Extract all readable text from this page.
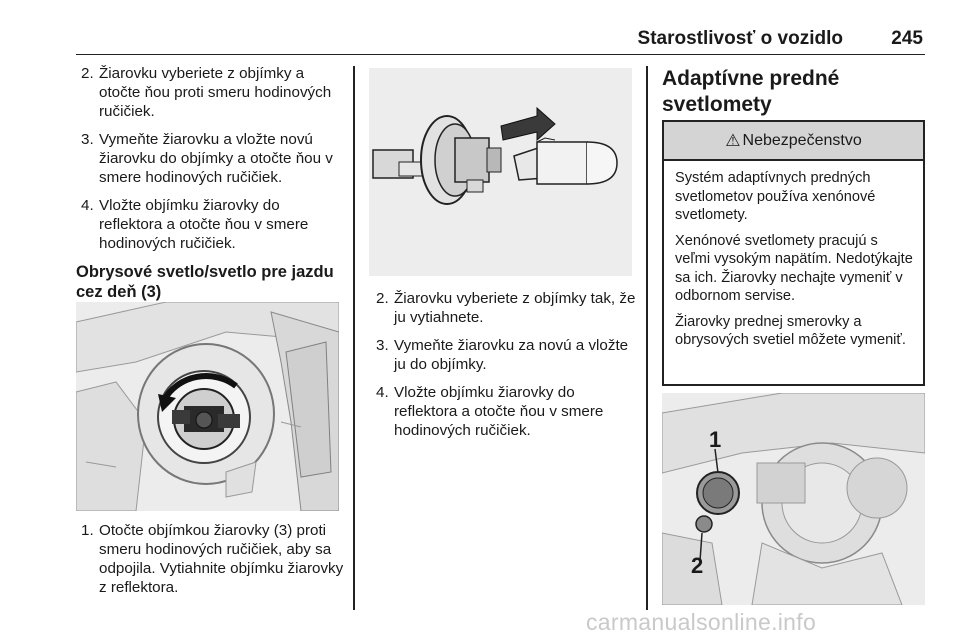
Starostlivosť o vozidlo	245
2. Žiarovku vyberiete z objímky a otočte ňou proti smeru hodinových ručičiek.
3. Vymeňte žiarovku a vložte novú žiarovku do objímky a otočte ňou v smere hodinových ručičiek.
4. Vložte objímku žiarovky do reflektora a otočte ňou v smere hodinových ručičiek.
Obrysové svetlo/svetlo pre jazdu cez deň (3)
1. Otočte objímkou žiarovky (3) proti smeru hodinových ručičiek, aby sa odpojila. Vytiahnite objímku žiarovky z reflektora.
2. Žiarovku vyberiete z objímky tak, že ju vytiahnete.
3. Vymeňte žiarovku za novú a vložte ju do objímky.
4. Vložte objímku žiarovky do reflektora a otočte ňou v smere hodinových ručičiek.
Adaptívne predné svetlomety
⚠ Nebezpečenstvo

Systém adaptívnych predných svetlometov používa xenónové svetlomety.

Xenónové svetlomety pracujú s veľmi vysokým napätím. Nedotýkajte sa ich. Žiarovky nechajte vymeniť v odbornom servise.

Žiarovky prednej smerovky a obrysových svetiel môžete vymeniť.

1
2
carmanualsonline.info
